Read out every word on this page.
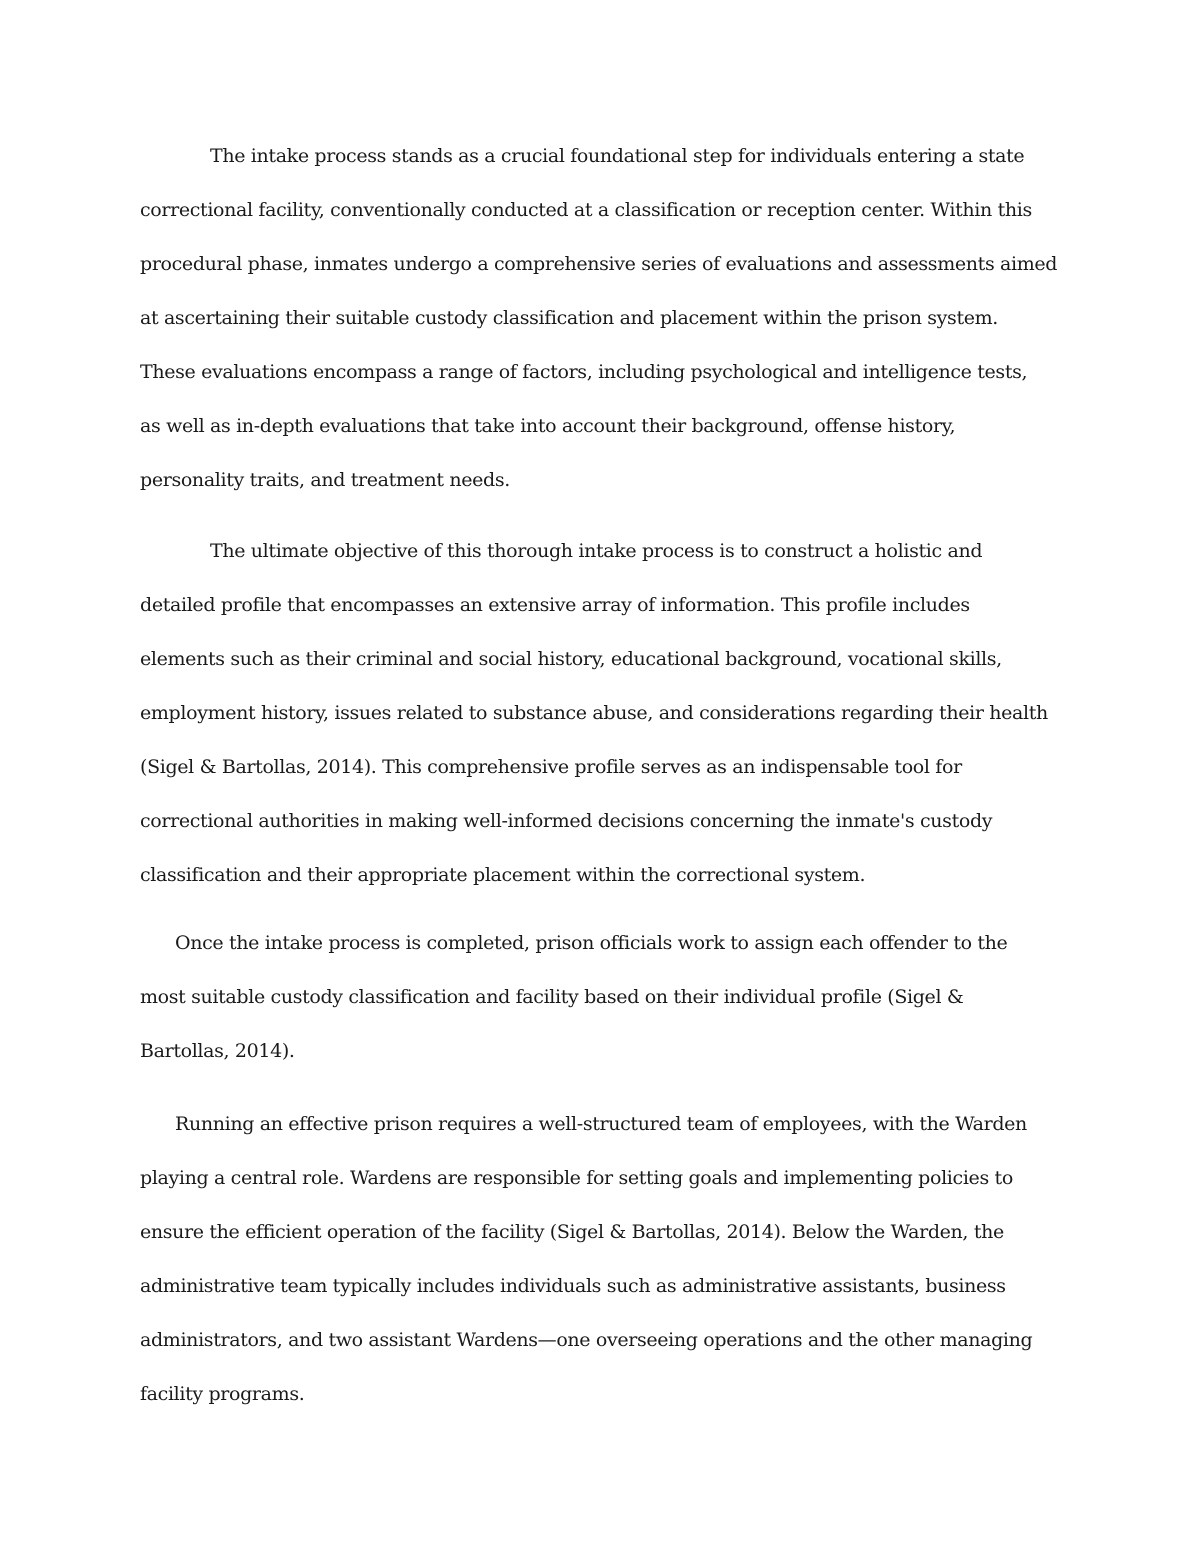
The intake process stands as a crucial foundational step for individuals entering a state
correctional facility, conventionally conducted at a classification or reception center. Within this
procedural phase, inmates undergo a comprehensive series of evaluations and assessments aimed
at ascertaining their suitable custody classification and placement within the prison system.
These evaluations encompass a range of factors, including psychological and intelligence tests,
as well as in-depth evaluations that take into account their background, offense history,
personality traits, and treatment needs.
The ultimate objective of this thorough intake process is to construct a holistic and
detailed profile that encompasses an extensive array of information. This profile includes
elements such as their criminal and social history, educational background, vocational skills,
employment history, issues related to substance abuse, and considerations regarding their health
(Sigel & Bartollas, 2014). This comprehensive profile serves as an indispensable tool for
correctional authorities in making well-informed decisions concerning the inmate's custody
classification and their appropriate placement within the correctional system.
Once the intake process is completed, prison officials work to assign each offender to the
most suitable custody classification and facility based on their individual profile (Sigel &
Bartollas, 2014).
Running an effective prison requires a well-structured team of employees, with the Warden
playing a central role. Wardens are responsible for setting goals and implementing policies to
ensure the efficient operation of the facility (Sigel & Bartollas, 2014). Below the Warden, the
administrative team typically includes individuals such as administrative assistants, business
administrators, and two assistant Wardens—one overseeing operations and the other managing
facility programs.
